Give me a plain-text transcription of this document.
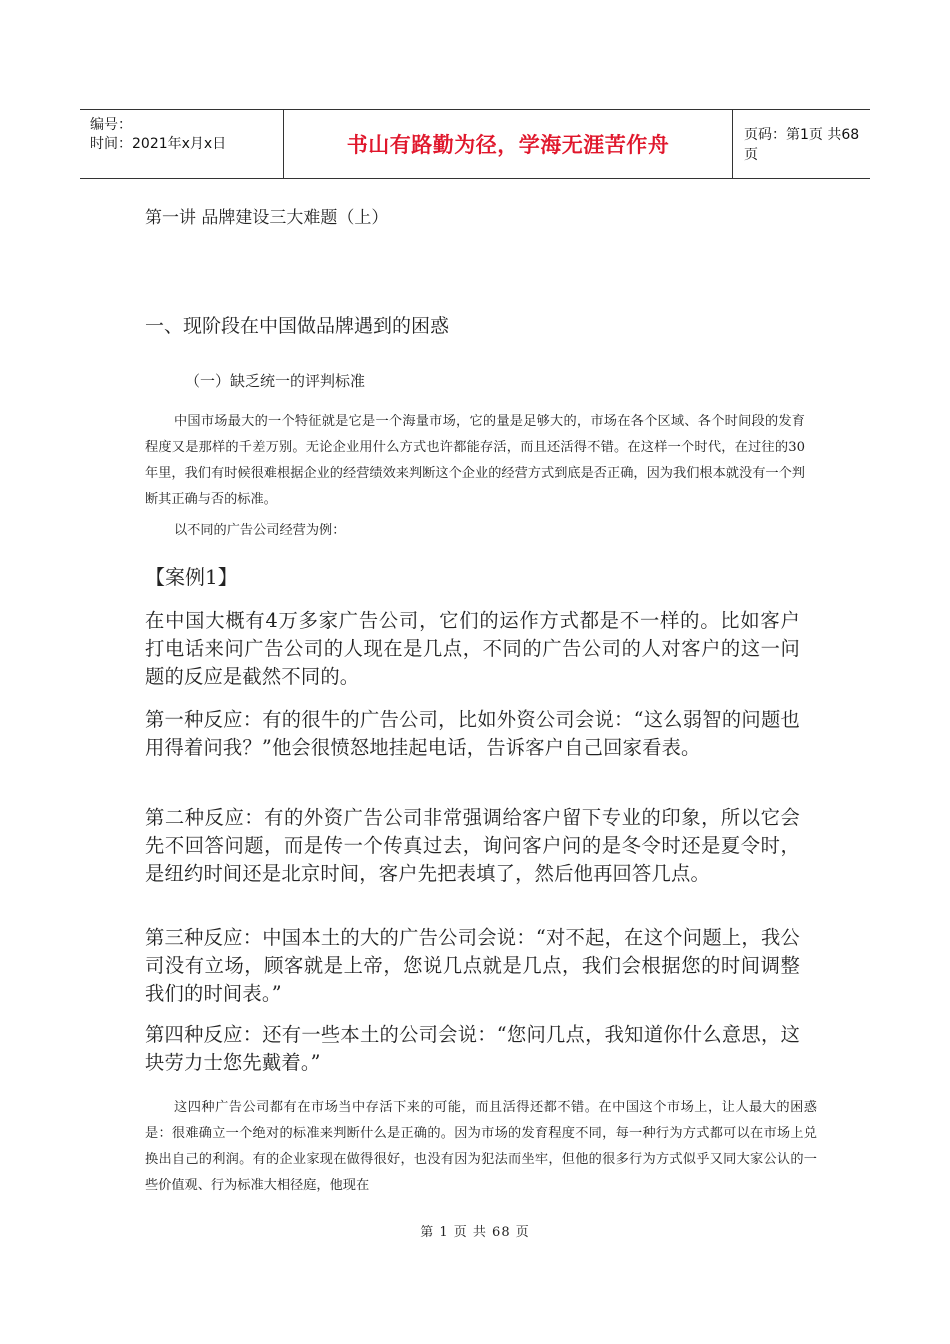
编号：
时间：2021年x月x日	书山有路勤为径，学海无涯苦作舟	页码：第1页 共68页
第一讲 品牌建设三大难题（上）
一、现阶段在中国做品牌遇到的困惑
（一）缺乏统一的评判标准
中国市场最大的一个特征就是它是一个海量市场，它的量是足够大的，市场在各个区域、各个时间段的发育程度又是那样的千差万别。无论企业用什么方式也许都能存活，而且还活得不错。在这样一个时代，在过往的30年里，我们有时候很难根据企业的经营绩效来判断这个企业的经营方式到底是否正确，因为我们根本就没有一个判断其正确与否的标准。
以不同的广告公司经营为例：
【案例1】
在中国大概有4万多家广告公司，它们的运作方式都是不一样的。比如客户打电话来问广告公司的人现在是几点，不同的广告公司的人对客户的这一问题的反应是截然不同的。
第一种反应：有的很牛的广告公司，比如外资公司会说：“这么弱智的问题也用得着问我？”他会很愤怒地挂起电话，告诉客户自己回家看表。
第二种反应：有的外资广告公司非常强调给客户留下专业的印象，所以它会先不回答问题，而是传一个传真过去，询问客户问的是冬令时还是夏令时，是纽约时间还是北京时间，客户先把表填了，然后他再回答几点。
第三种反应：中国本土的大的广告公司会说：“对不起，在这个问题上，我公司没有立场，顾客就是上帝，您说几点就是几点，我们会根据您的时间调整我们的时间表。”
第四种反应：还有一些本土的公司会说：“您问几点，我知道你什么意思，这块劳力士您先戴着。”
这四种广告公司都有在市场当中存活下来的可能，而且活得还都不错。在中国这个市场上，让人最大的困惑是：很难确立一个绝对的标准来判断什么是正确的。因为市场的发育程度不同，每一种行为方式都可以在市场上兑换出自己的利润。有的企业家现在做得很好，也没有因为犯法而坐牢，但他的很多行为方式似乎又同大家公认的一些价值观、行为标准大相径庭，他现在
第 1 页 共 68 页
